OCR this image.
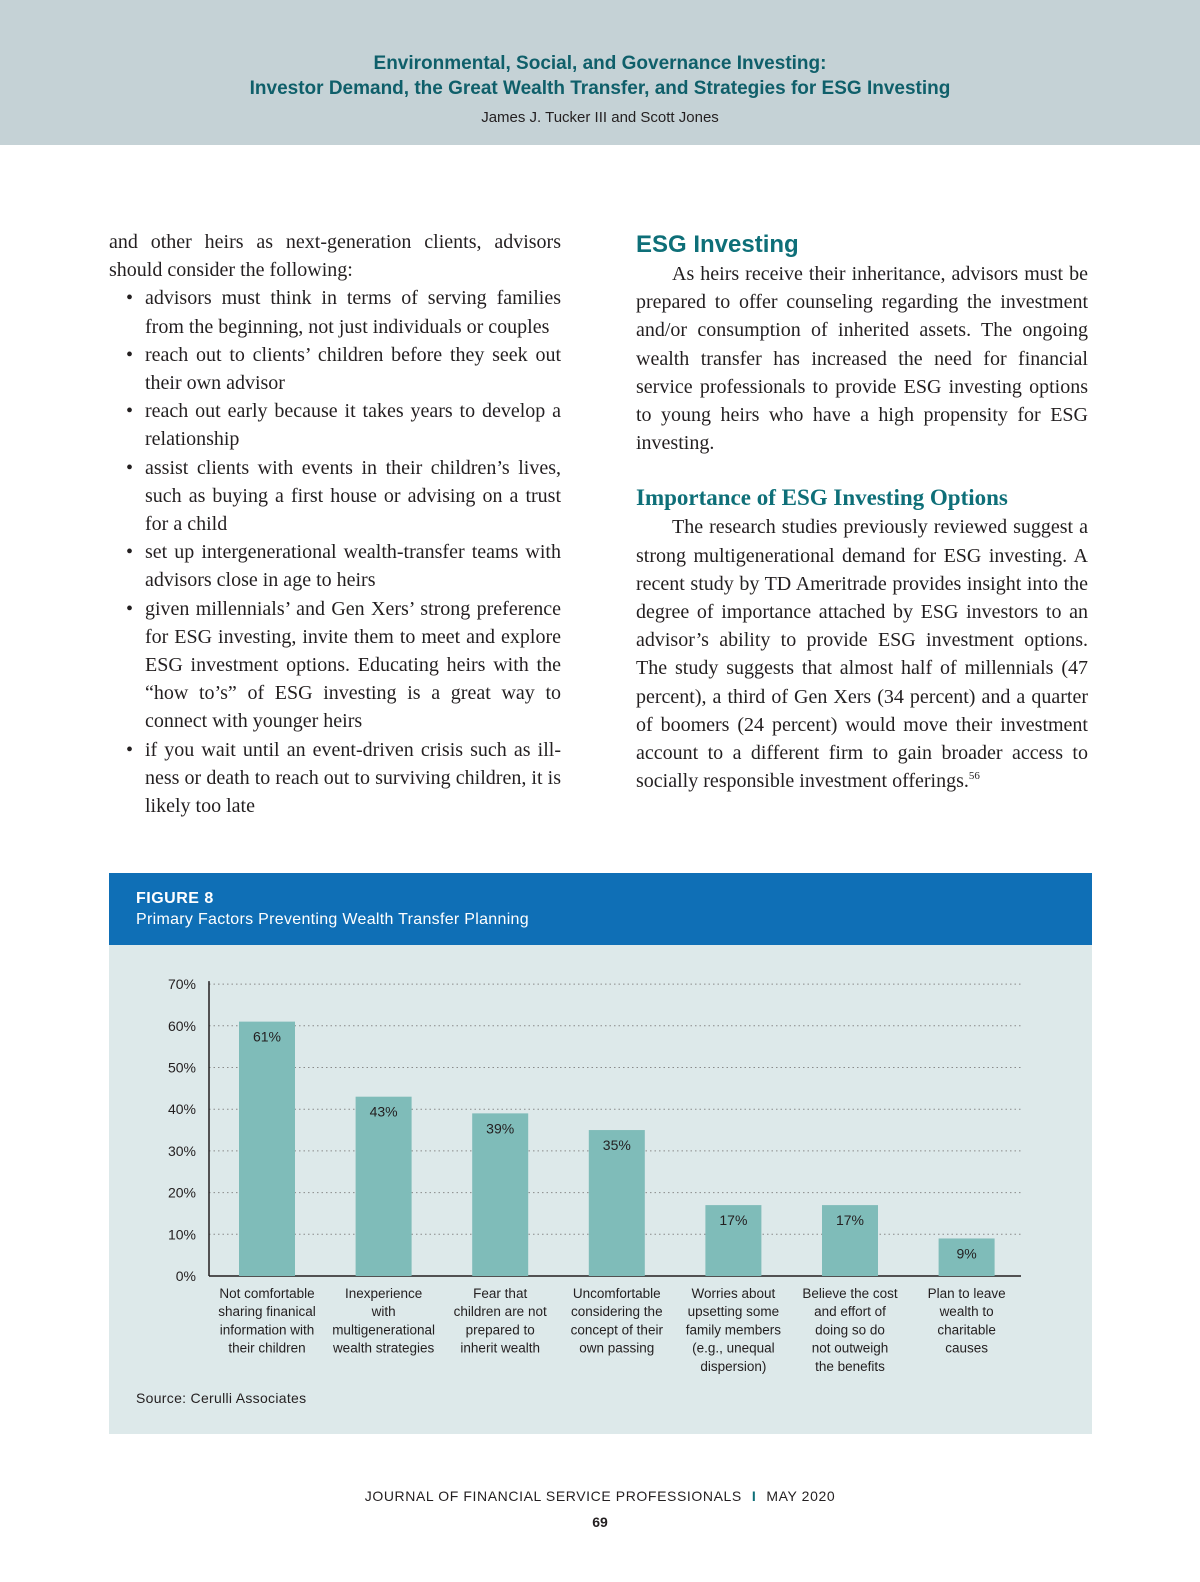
Environmental, Social, and Governance Investing:
Investor Demand, the Great Wealth Transfer, and Strategies for ESG Investing
James J. Tucker III and Scott Jones
and other heirs as next-generation clients, advisors should consider the following:
• advisors must think in terms of serving families from the beginning, not just individuals or couples
• reach out to clients’ children before they seek out their own advisor
• reach out early because it takes years to develop a relationship
• assist clients with events in their children’s lives, such as buying a first house or advising on a trust for a child
• set up intergenerational wealth-transfer teams with advisors close in age to heirs
• given millennials’ and Gen Xers’ strong preference for ESG investing, invite them to meet and explore ESG investment options. Educating heirs with the “how to’s” of ESG investing is a great way to connect with younger heirs
• if you wait until an event-driven crisis such as illness or death to reach out to surviving children, it is likely too late
ESG Investing

As heirs receive their inheritance, advisors must be prepared to offer counseling regarding the investment and/or consumption of inherited assets. The ongoing wealth transfer has increased the need for financial service professionals to provide ESG investing options to young heirs who have a high propensity for ESG investing.

Importance of ESG Investing Options

The research studies previously reviewed suggest a strong multigenerational demand for ESG investing. A recent study by TD Ameritrade provides insight into the degree of importance attached by ESG investors to an advisor’s ability to provide ESG investment options. The study suggests that almost half of millennials (47 percent), a third of Gen Xers (34 percent) and a quarter of boomers (24 percent) would move their investment account to a different firm to gain broader access to socially responsible investment offerings.$^{56}$

FIGURE 8
Primary Factors Preventing Wealth Transfer Planning
0%
10%
20%
30%
40%
50%
60%
70%
61%
Not comfortable
sharing finanical
information with
their children
43%
Inexperience
with
multigenerational
wealth strategies
39%
Fear that
children are not
prepared to
inherit wealth
35%
Uncomfortable
considering the
concept of their
own passing
17%
Worries about
upsetting some
family members
(e.g., unequal
dispersion)
17%
Believe the cost
and effort of
doing so do
not outweigh
the benefits
9%
Plan to leave
wealth to
charitable
causes
Source: Cerulli Associates
JOURNAL OF FINANCIAL SERVICE PROFESSIONALS I MAY 2020
69
